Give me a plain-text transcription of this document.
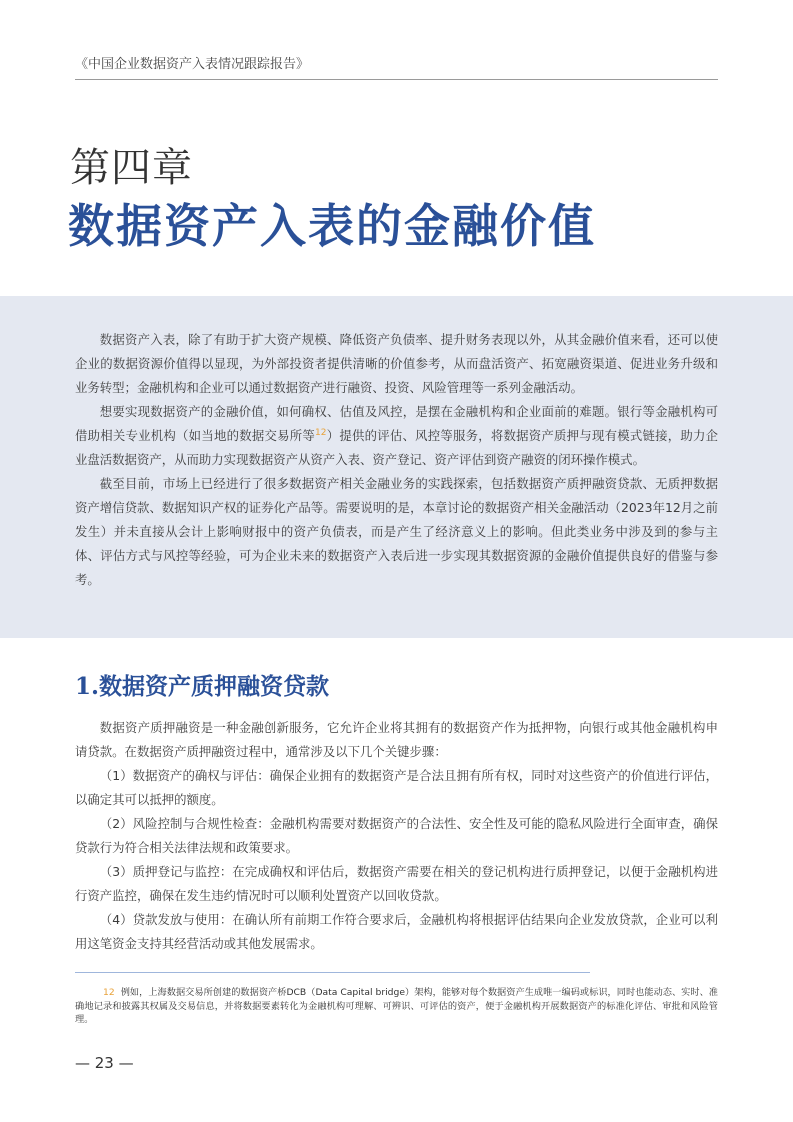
《中国企业数据资产入表情况跟踪报告》
第四章
数据资产入表的金融价值

数据资产入表，除了有助于扩大资产规模、降低资产负债率、提升财务表现以外，从其金融价值来看，还可以使企业的数据资源价值得以显现，为外部投资者提供清晰的价值参考，从而盘活资产、拓宽融资渠道、促进业务升级和业务转型；金融机构和企业可以通过数据资产进行融资、投资、风险管理等一系列金融活动。

想要实现数据资产的金融价值，如何确权、估值及风控，是摆在金融机构和企业面前的难题。银行等金融机构可借助相关专业机构（如当地的数据交易所等$^{12}$）提供的评估、风控等服务，将数据资产质押与现有模式链接，助力企业盘活数据资产，从而助力实现数据资产从资产入表、资产登记、资产评估到资产融资的闭环操作模式。

截至目前，市场上已经进行了很多数据资产相关金融业务的实践探索，包括数据资产质押融资贷款、无质押数据资产增信贷款、数据知识产权的证券化产品等。需要说明的是，本章讨论的数据资产相关金融活动（2023年12月之前发生）并未直接从会计上影响财报中的资产负债表，而是产生了经济意义上的影响。但此类业务中涉及到的参与主体、评估方式与风控等经验，可为企业未来的数据资产入表后进一步实现其数据资源的金融价值提供良好的借鉴与参考。

1.数据资产质押融资贷款

数据资产质押融资是一种金融创新服务，它允许企业将其拥有的数据资产作为抵押物，向银行或其他金融机构申请贷款。在数据资产质押融资过程中，通常涉及以下几个关键步骤：

（1）数据资产的确权与评估：确保企业拥有的数据资产是合法且拥有所有权，同时对这些资产的价值进行评估，以确定其可以抵押的额度。

（2）风险控制与合规性检查：金融机构需要对数据资产的合法性、安全性及可能的隐私风险进行全面审查，确保贷款行为符合相关法律法规和政策要求。

（3）质押登记与监控：在完成确权和评估后，数据资产需要在相关的登记机构进行质押登记，以便于金融机构进行资产监控，确保在发生违约情况时可以顺利处置资产以回收贷款。

（4）贷款发放与使用：在确认所有前期工作符合要求后，金融机构将根据评估结果向企业发放贷款，企业可以利用这笔资金支持其经营活动或其他发展需求。

12 例如，上海数据交易所创建的数据资产桥DCB（Data Capital bridge）架构，能够对每个数据资产生成唯一编码或标识，同时也能动态、实时、准确地记录和披露其权属及交易信息，并将数据要素转化为金融机构可理解、可辨识、可评估的资产，便于金融机构开展数据资产的标准化评估、审批和风险管理。
— 23 —
